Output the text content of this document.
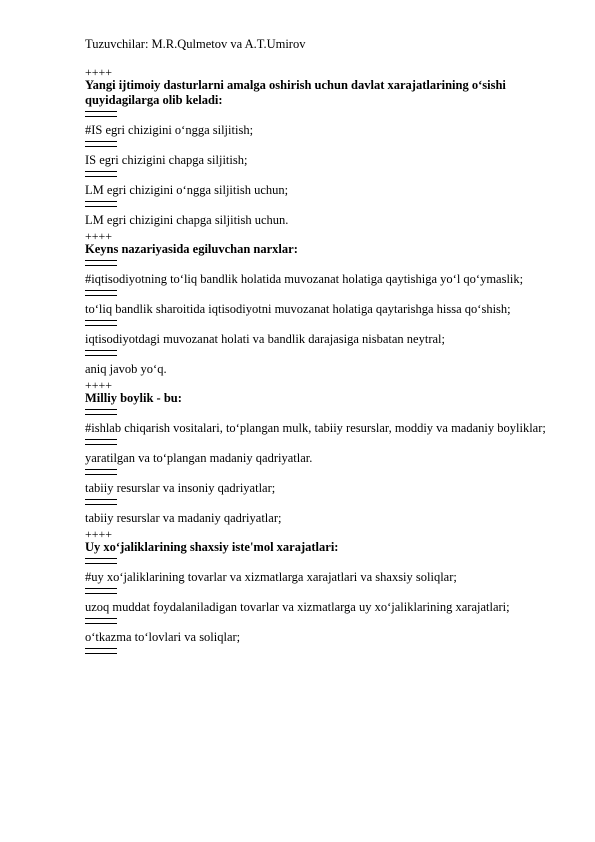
Tuzuvchilar: M.R.Qulmetov va A.T.Umirov

++++

Yangi ijtimoiy dasturlarni amalga oshirish uchun davlat xarajatlarining o‘sishi quyidagilarga olib keladi:

#IS egri chizigini o‘ngga siljitish;

IS egri chizigini chapga siljitish;

LM egri chizigini o‘ngga siljitish uchun;

LM egri chizigini chapga siljitish uchun.

++++

Keyns nazariyasida egiluvchan narxlar:

#iqtisodiyotning to‘liq bandlik holatida muvozanat holatiga qaytishiga yo‘l qo‘ymaslik;

to‘liq bandlik sharoitida iqtisodiyotni muvozanat holatiga qaytarishga hissa qo‘shish;

iqtisodiyotdagi muvozanat holati va bandlik darajasiga nisbatan neytral;

aniq javob yo‘q.

++++

Milliy boylik - bu:

#ishlab chiqarish vositalari, to‘plangan mulk, tabiiy resurslar, moddiy va madaniy boyliklar;

yaratilgan va to‘plangan madaniy qadriyatlar.

tabiiy resurslar va insoniy qadriyatlar;

tabiiy resurslar va madaniy qadriyatlar;

++++

Uy xo‘jaliklarining shaxsiy iste'mol xarajatlari:

#uy xo‘jaliklarining tovarlar va xizmatlarga xarajatlari va shaxsiy soliqlar;

uzoq muddat foydalaniladigan tovarlar va xizmatlarga uy xo‘jaliklarining xarajatlari;

o‘tkazma to‘lovlari va soliqlar;
